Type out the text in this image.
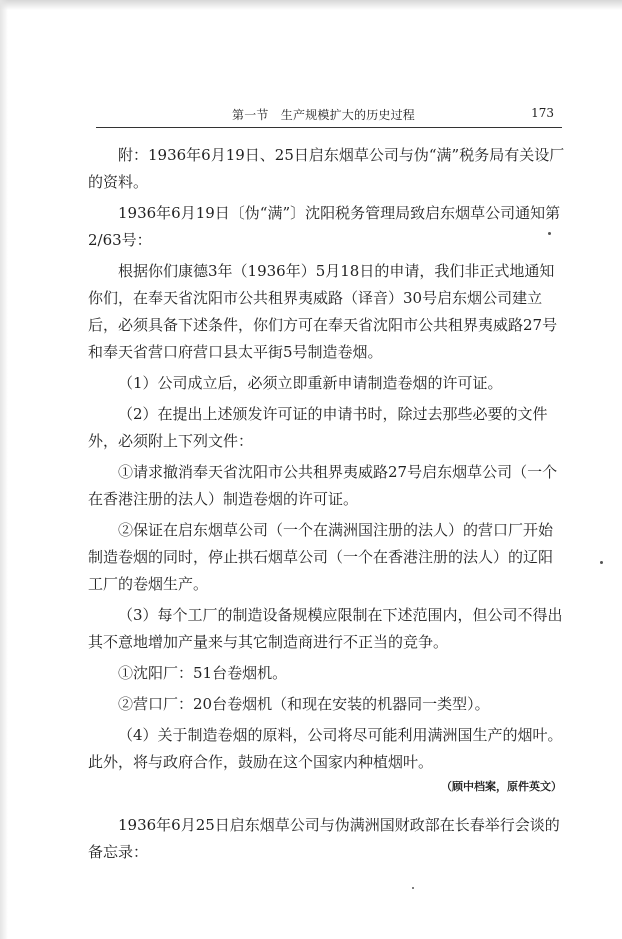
第一节　生产规模扩大的历史过程	173

附：1936年6月19日、25日启东烟草公司与伪“满”税务局有关设厂的资料。

1936年6月19日〔伪“满”〕沈阳税务管理局致启东烟草公司通知第2/63号：

根据你们康德3年（1936年）5月18日的申请，我们非正式地通知你们，在奉天省沈阳市公共租界夷威路（译音）30号启东烟公司建立后，必须具备下述条件，你们方可在奉天省沈阳市公共租界夷威路27号和奉天省营口府营口县太平街5号制造卷烟。

（1）公司成立后，必须立即重新申请制造卷烟的许可证。

（2）在提出上述颁发许可证的申请书时，除过去那些必要的文件外，必须附上下列文件：

①请求撤消奉天省沈阳市公共租界夷威路27号启东烟草公司（一个在香港注册的法人）制造卷烟的许可证。

②保证在启东烟草公司（一个在满洲国注册的法人）的营口厂开始制造卷烟的同时，停止拱石烟草公司（一个在香港注册的法人）的辽阳工厂的卷烟生产。

（3）每个工厂的制造设备规模应限制在下述范围内，但公司不得出其不意地增加产量来与其它制造商进行不正当的竞争。

①沈阳厂：51台卷烟机。

②营口厂：20台卷烟机（和现在安装的机器同一类型）。

（4）关于制造卷烟的原料，公司将尽可能利用满洲国生产的烟叶。此外，将与政府合作，鼓励在这个国家内种植烟叶。

（顾中档案，原件英文）

1936年6月25日启东烟草公司与伪满洲国财政部在长春举行会谈的备忘录：
